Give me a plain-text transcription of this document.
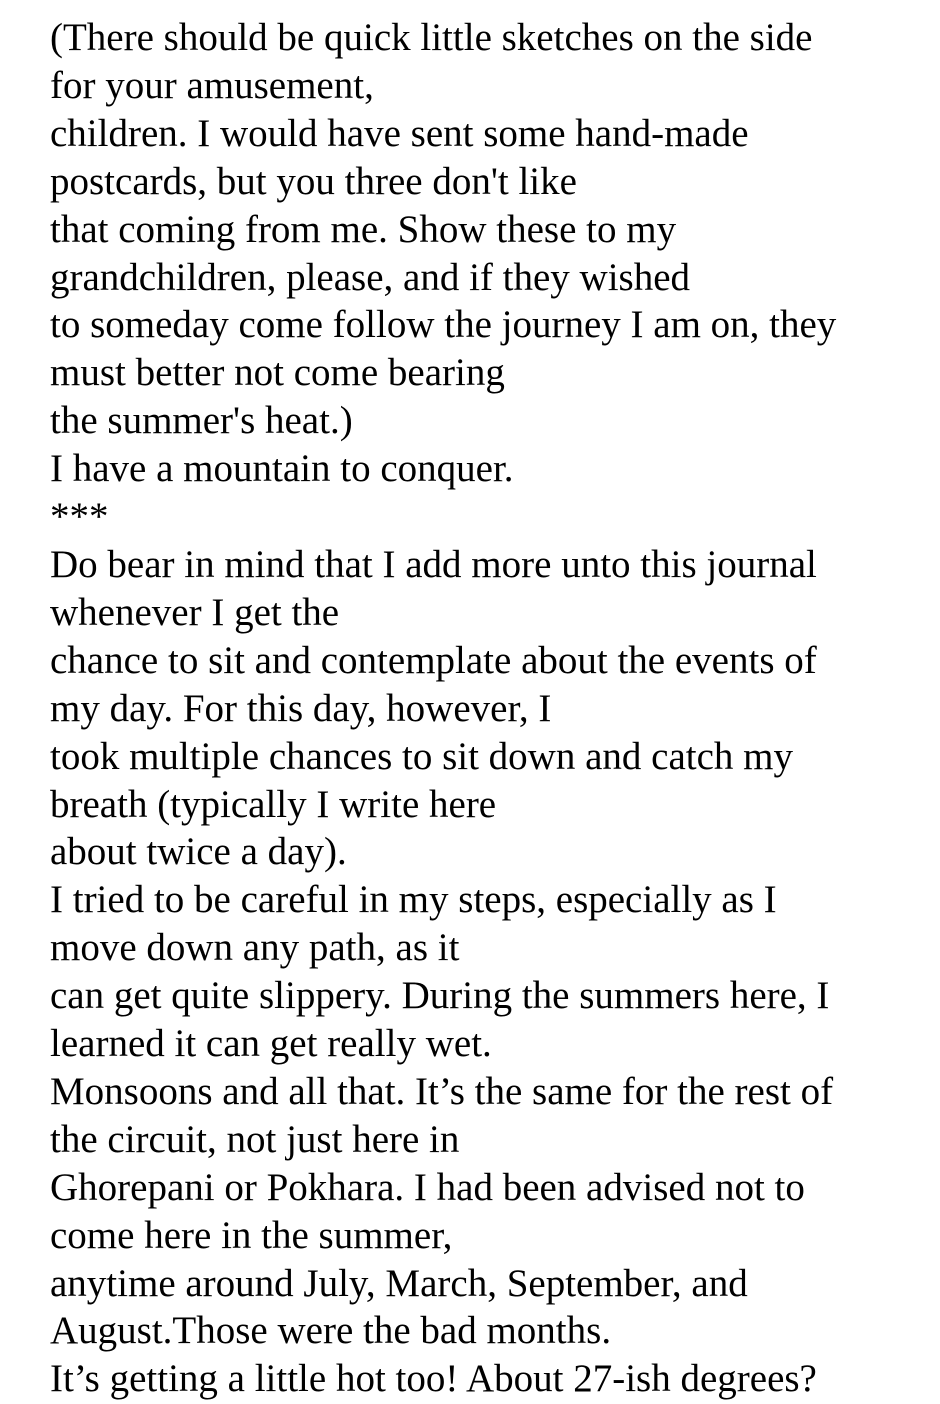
(There should be quick little sketches on the side
for your amusement,
children. I would have sent some hand-made
postcards, but you three don't like
that coming from me. Show these to my
grandchildren, please, and if they wished
to someday come follow the journey I am on, they
must better not come bearing
the summer's heat.)
I have a mountain to conquer.
***
Do bear in mind that I add more unto this journal
whenever I get the
chance to sit and contemplate about the events of
my day. For this day, however, I
took multiple chances to sit down and catch my
breath (typically I write here
about twice a day).
I tried to be careful in my steps, especially as I
move down any path, as it
can get quite slippery. During the summers here, I
learned it can get really wet.
Monsoons and all that. It’s the same for the rest of
the circuit, not just here in
Ghorepani or Pokhara. I had been advised not to
come here in the summer,
anytime around July, March, September, and
August.Those were the bad months.
It’s getting a little hot too! About 27-ish degrees?
